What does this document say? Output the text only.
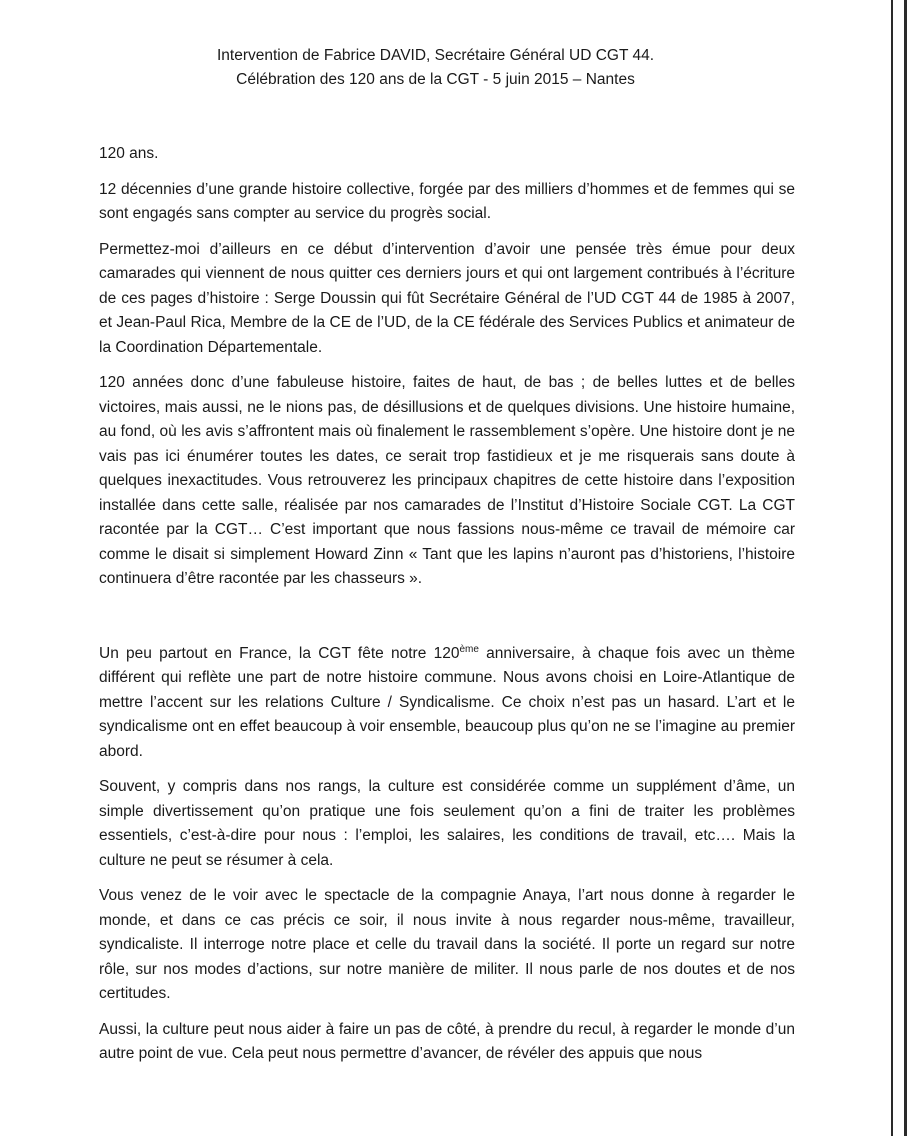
Intervention de Fabrice DAVID, Secrétaire Général UD CGT 44.
Célébration des 120 ans de la CGT - 5 juin 2015 – Nantes

120 ans.

12 décennies d’une grande histoire collective, forgée par des milliers d’hommes et de femmes qui se sont engagés sans compter au service du progrès social.

Permettez-moi d’ailleurs en ce début d’intervention d’avoir une pensée très émue pour deux camarades qui viennent de nous quitter ces derniers jours et qui ont largement contribués à l’écriture de ces pages d’histoire : Serge Doussin qui fût Secrétaire Général de l’UD CGT 44 de 1985 à 2007, et Jean-Paul Rica, Membre de la CE de l’UD, de la CE fédérale des Services Publics et animateur de la Coordination Départementale.

120 années donc d’une fabuleuse histoire, faites de haut, de bas ; de belles luttes et de belles victoires, mais aussi, ne le nions pas, de désillusions et de quelques divisions. Une histoire humaine, au fond, où les avis s’affrontent mais où finalement le rassemblement s’opère. Une histoire dont je ne vais pas ici énumérer toutes les dates, ce serait trop fastidieux et je me risquerais sans doute à quelques inexactitudes. Vous retrouverez les principaux chapitres de cette histoire dans l’exposition installée dans cette salle, réalisée par nos camarades de l’Institut d’Histoire Sociale CGT. La CGT racontée par la CGT… C’est important que nous fassions nous-même ce travail de mémoire car comme le disait si simplement Howard Zinn « Tant que les lapins n’auront pas d’historiens, l’histoire continuera d’être racontée par les chasseurs ».

Un peu partout en France, la CGT fête notre 120ème anniversaire, à chaque fois avec un thème différent qui reflète une part de notre histoire commune. Nous avons choisi en Loire-Atlantique de mettre l’accent sur les relations Culture / Syndicalisme. Ce choix n’est pas un hasard. L’art et le syndicalisme ont en effet beaucoup à voir ensemble, beaucoup plus qu’on ne se l’imagine au premier abord.

Souvent, y compris dans nos rangs, la culture est considérée comme un supplément d’âme, un simple divertissement qu’on pratique une fois seulement qu’on a fini de traiter les problèmes essentiels, c’est-à-dire pour nous : l’emploi, les salaires, les conditions de travail, etc…. Mais la culture ne peut se résumer à cela.

Vous venez de le voir avec le spectacle de la compagnie Anaya, l’art nous donne à regarder le monde, et dans ce cas précis ce soir, il nous invite à nous regarder nous-même, travailleur, syndicaliste. Il interroge notre place et celle du travail dans la société. Il porte un regard sur notre rôle, sur nos modes d’actions, sur notre manière de militer. Il nous parle de nos doutes et de nos certitudes.

Aussi, la culture peut nous aider à faire un pas de côté, à prendre du recul, à regarder le monde d’un autre point de vue. Cela peut nous permettre d’avancer, de révéler des appuis que nous
